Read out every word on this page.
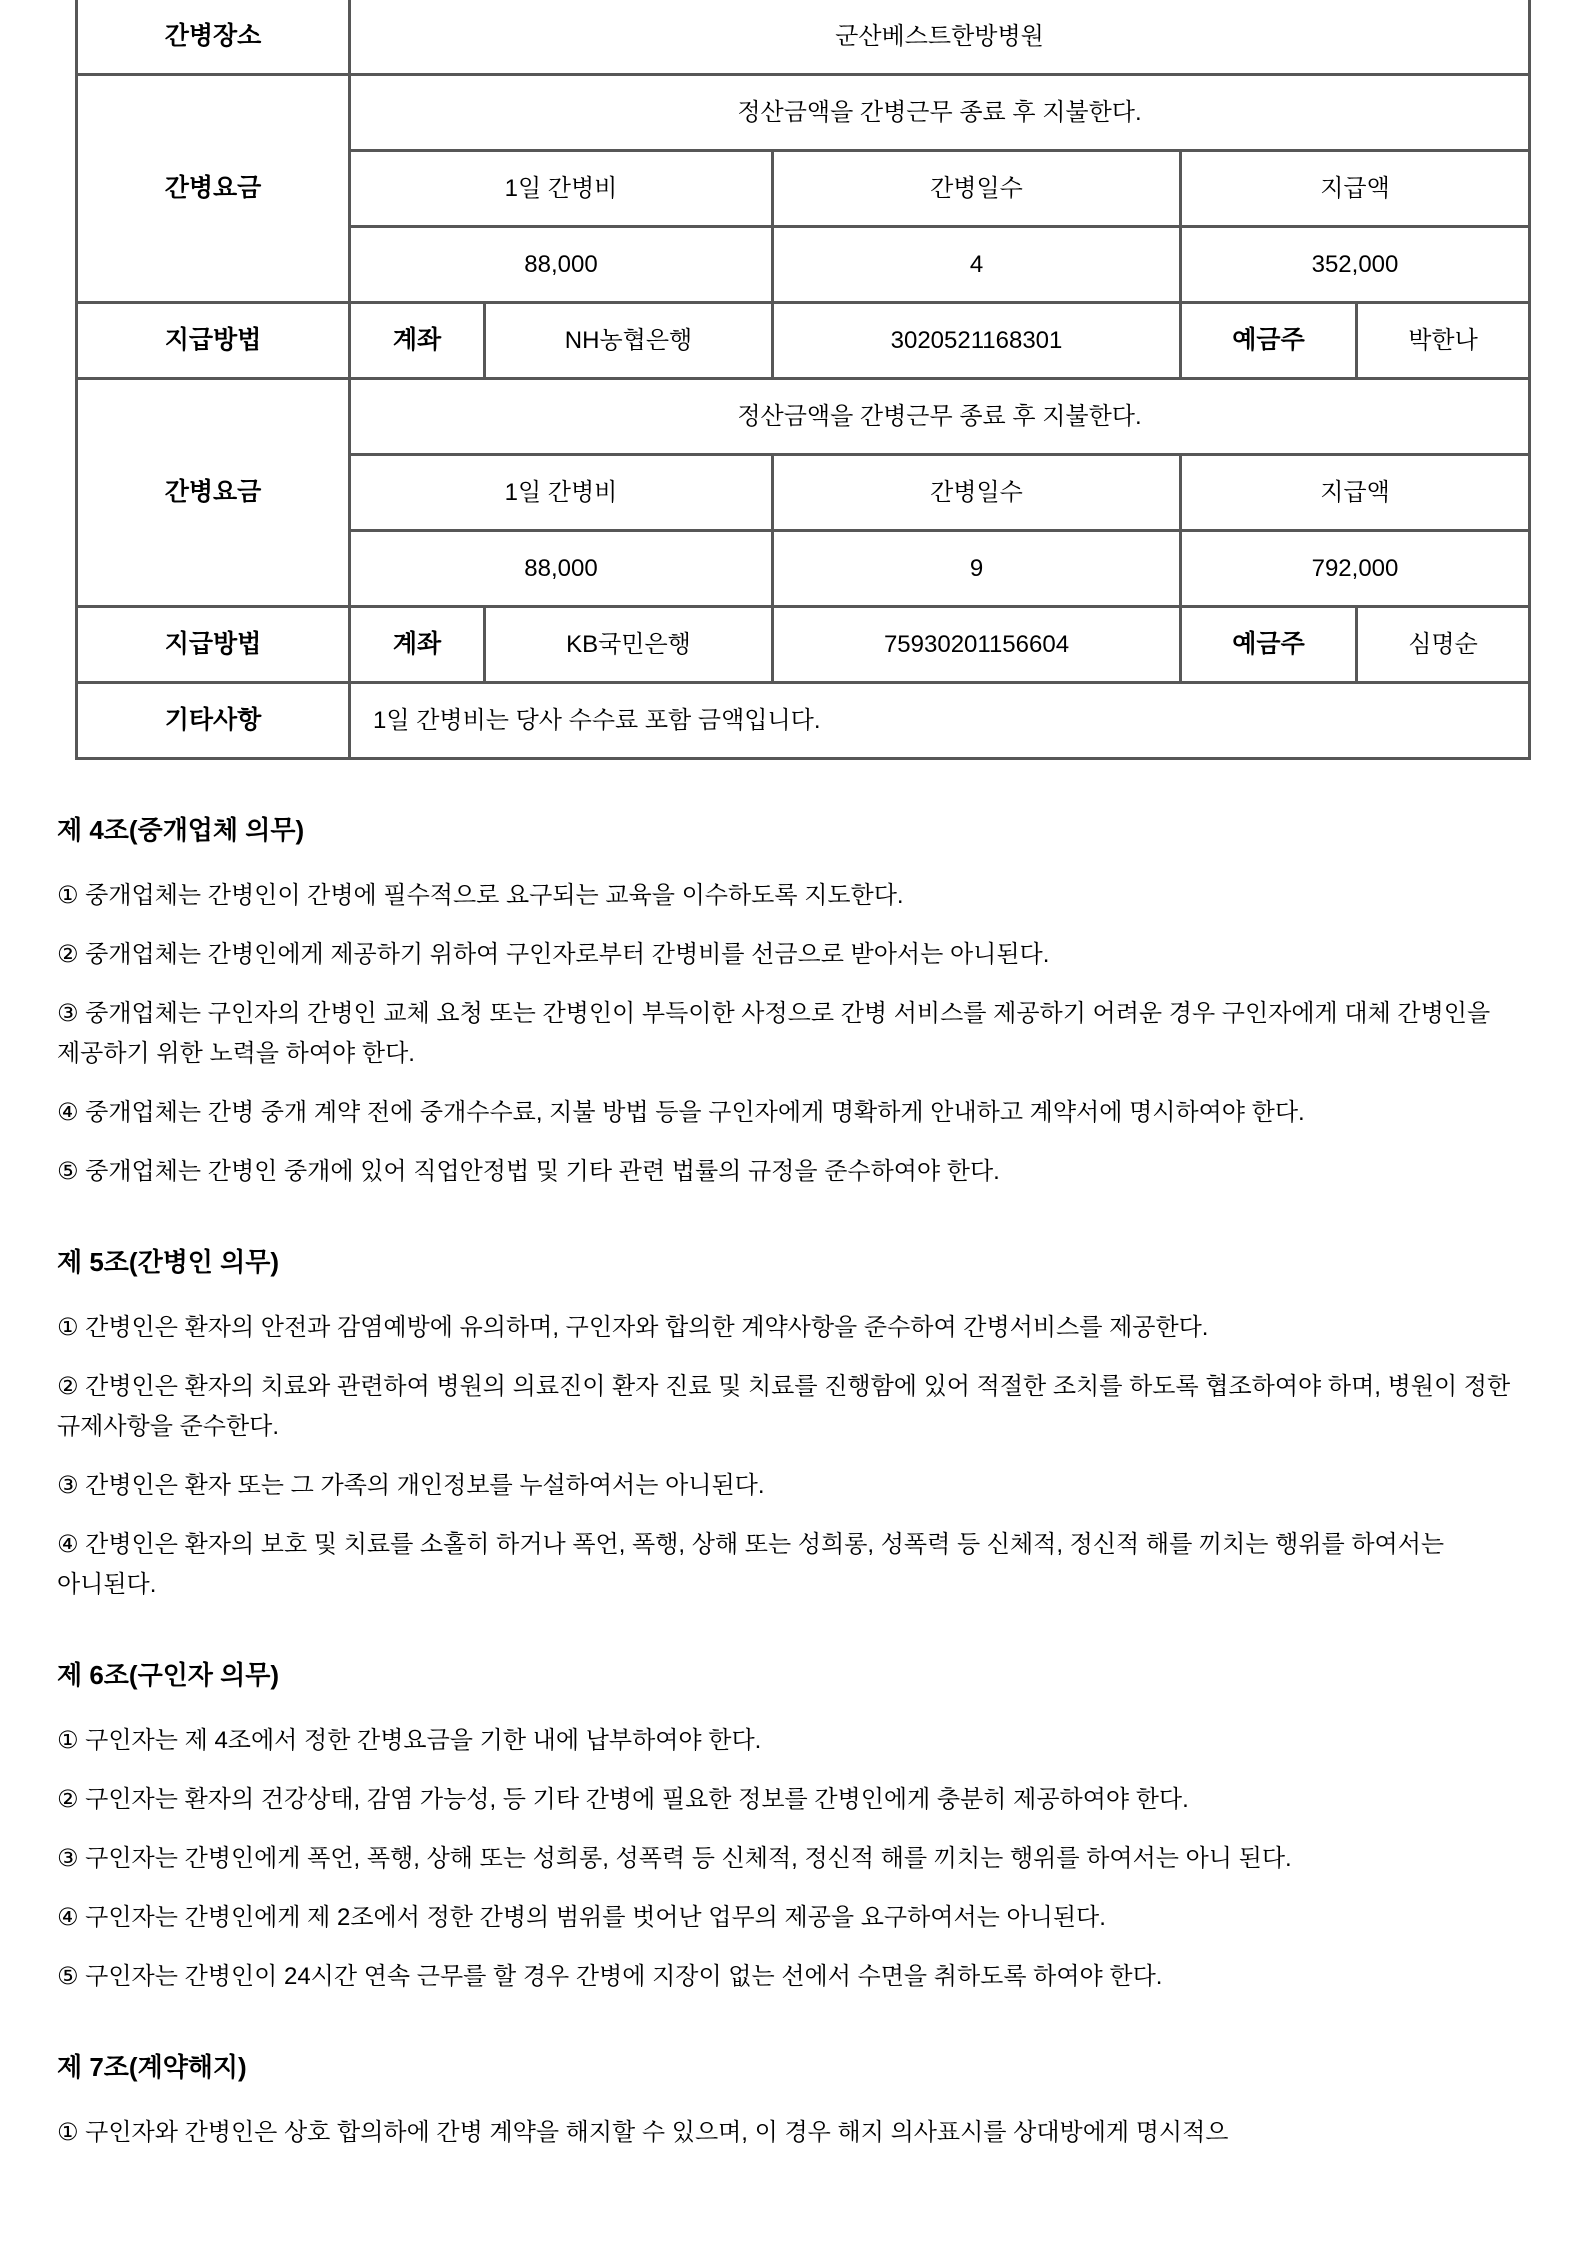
간병장소	군산베스트한방병원				
간병요금	정산금액을 간병근무 종료 후 지불한다.				
	1일 간병비		간병일수	지급액	
	88,000		4	352,000	
지급방법	계좌	NH농협은행	3020521168301	예금주	박한나
간병요금	정산금액을 간병근무 종료 후 지불한다.				
	1일 간병비		간병일수	지급액	
	88,000		9	792,000	
지급방법	계좌	KB국민은행	75930201156604	예금주	심명순
기타사항	1일 간병비는 당사 수수료 포함 금액입니다.				
제 4조(중개업체 의무)

① 중개업체는 간병인이 간병에 필수적으로 요구되는 교육을 이수하도록 지도한다.

② 중개업체는 간병인에게 제공하기 위하여 구인자로부터 간병비를 선금으로 받아서는 아니된다.

③ 중개업체는 구인자의 간병인 교체 요청 또는 간병인이 부득이한 사정으로 간병 서비스를 제공하기 어려운 경우 구인자에게 대체 간병인을 제공하기 위한 노력을 하여야 한다.

④ 중개업체는 간병 중개 계약 전에 중개수수료, 지불 방법 등을 구인자에게 명확하게 안내하고 계약서에 명시하여야 한다.

⑤ 중개업체는 간병인 중개에 있어 직업안정법 및 기타 관련 법률의 규정을 준수하여야 한다.

제 5조(간병인 의무)

① 간병인은 환자의 안전과 감염예방에 유의하며, 구인자와 합의한 계약사항을 준수하여 간병서비스를 제공한다.

② 간병인은 환자의 치료와 관련하여 병원의 의료진이 환자 진료 및 치료를 진행함에 있어 적절한 조치를 하도록 협조하여야 하며, 병원이 정한 규제사항을 준수한다.

③ 간병인은 환자 또는 그 가족의 개인정보를 누설하여서는 아니된다.

④ 간병인은 환자의 보호 및 치료를 소홀히 하거나 폭언, 폭행, 상해 또는 성희롱, 성폭력 등 신체적, 정신적 해를 끼치는 행위를 하여서는 아니된다.

제 6조(구인자 의무)

① 구인자는 제 4조에서 정한 간병요금을 기한 내에 납부하여야 한다.

② 구인자는 환자의 건강상태, 감염 가능성, 등 기타 간병에 필요한 정보를 간병인에게 충분히 제공하여야 한다.

③ 구인자는 간병인에게 폭언, 폭행, 상해 또는 성희롱, 성폭력 등 신체적, 정신적 해를 끼치는 행위를 하여서는 아니 된다.

④ 구인자는 간병인에게 제 2조에서 정한 간병의 범위를 벗어난 업무의 제공을 요구하여서는 아니된다.

⑤ 구인자는 간병인이 24시간 연속 근무를 할 경우 간병에 지장이 없는 선에서 수면을 취하도록 하여야 한다.

제 7조(계약해지)

① 구인자와 간병인은 상호 합의하에 간병 계약을 해지할 수 있으며, 이 경우 해지 의사표시를 상대방에게 명시적으
